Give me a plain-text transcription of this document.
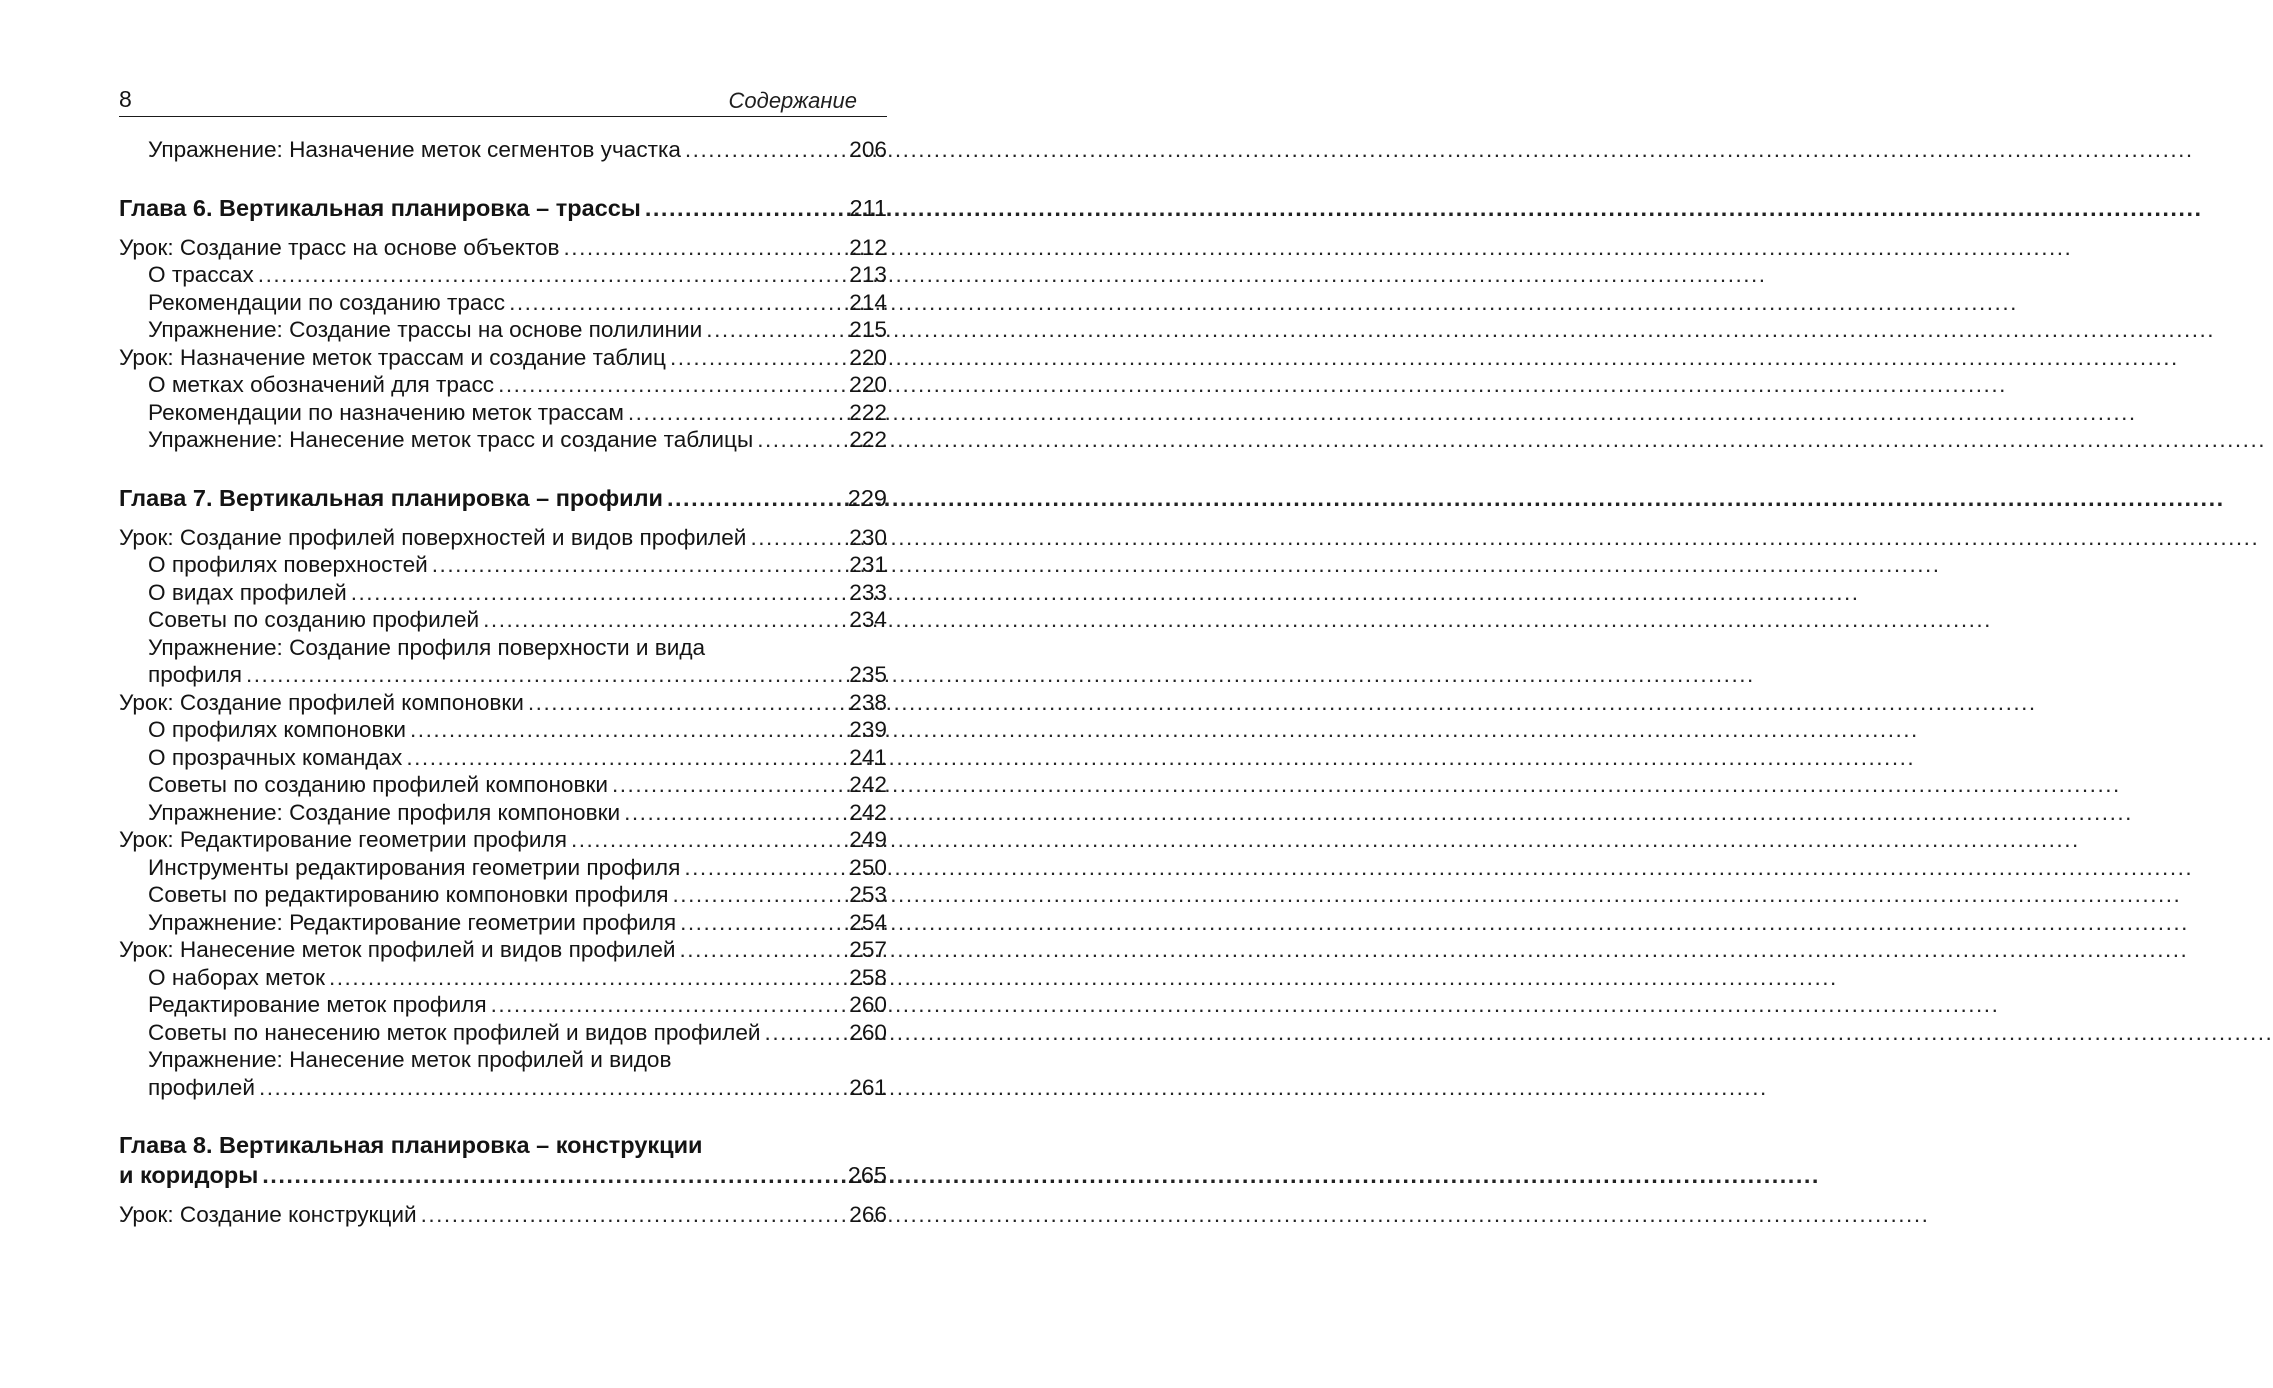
8	Содержание
Упражнение: Назначение меток сегментов участка .....	206
Глава 6. Вертикальная планировка – трассы .....	211
Урок: Создание трасс на основе объектов .....	212
О трассах .....	213
Рекомендации по созданию трасс .....	214
Упражнение: Создание трассы на основе полилинии .....	215
Урок: Назначение меток трассам и создание таблиц .....	220
О метках обозначений для трасс .....	220
Рекомендации по назначению меток трассам .....	222
Упражнение: Нанесение меток трасс и создание таблицы .....	222
Глава 7. Вертикальная планировка – профили .....	229
Урок: Создание профилей поверхностей и видов профилей .....	230
О профилях поверхностей .....	231
О видах профилей .....	233
Советы по созданию профилей .....	234
Упражнение: Создание профиля поверхности и вида
профиля .....	235
Урок: Создание профилей компоновки .....	238
О профилях компоновки .....	239
О прозрачных командах .....	241
Советы по созданию профилей компоновки .....	242
Упражнение: Создание профиля компоновки .....	242
Урок: Редактирование геометрии профиля .....	249
Инструменты редактирования геометрии профиля .....	250
Советы по редактированию компоновки профиля .....	253
Упражнение: Редактирование геометрии профиля .....	254
Урок: Нанесение меток профилей и видов профилей .....	257
О наборах меток .....	258
Редактирование меток профиля .....	260
Советы по нанесению меток профилей и видов профилей .....	260
Упражнение: Нанесение меток профилей и видов
профилей .....	261
Глава 8. Вертикальная планировка – конструкции
и коридоры .....	265
Урок: Создание конструкций .....	266
